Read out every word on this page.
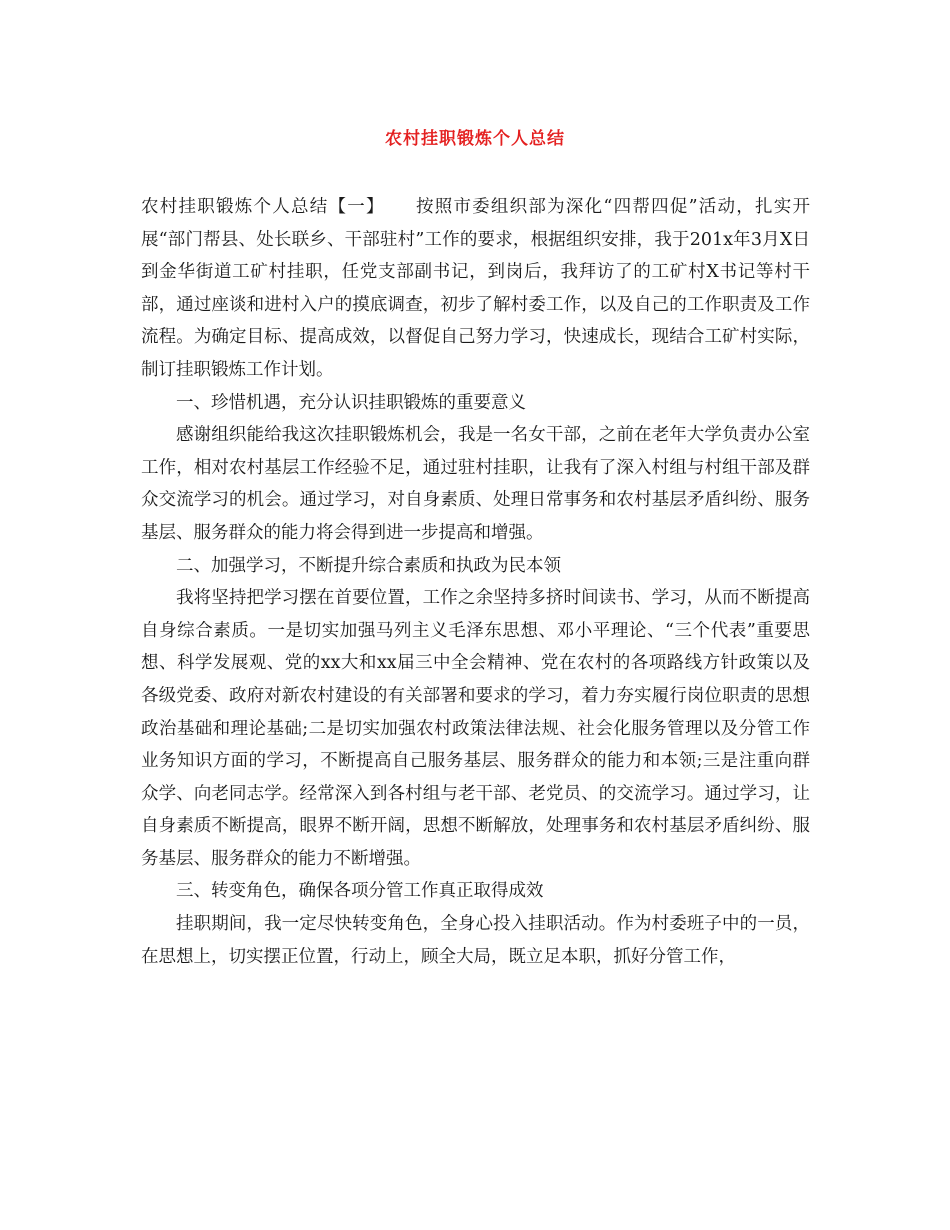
农村挂职锻炼个人总结

农村挂职锻炼个人总结【一】 按照市委组织部为深化“四帮四促”活动，扎实开展“部门帮县、处长联乡、干部驻村”工作的要求，根据组织安排，我于201x年3月X日到金华街道工矿村挂职，任党支部副书记，到岗后，我拜访了的工矿村X书记等村干部，通过座谈和进村入户的摸底调查，初步了解村委工作，以及自己的工作职责及工作流程。为确定目标、提高成效，以督促自己努力学习，快速成长，现结合工矿村实际，制订挂职锻炼工作计划。

一、珍惜机遇，充分认识挂职锻炼的重要意义

感谢组织能给我这次挂职锻炼机会，我是一名女干部，之前在老年大学负责办公室工作，相对农村基层工作经验不足，通过驻村挂职，让我有了深入村组与村组干部及群众交流学习的机会。通过学习，对自身素质、处理日常事务和农村基层矛盾纠纷、服务基层、服务群众的能力将会得到进一步提高和增强。

二、加强学习，不断提升综合素质和执政为民本领

我将坚持把学习摆在首要位置，工作之余坚持多挤时间读书、学习，从而不断提高自身综合素质。一是切实加强马列主义毛泽东思想、邓小平理论、“三个代表”重要思想、科学发展观、党的xx大和xx届三中全会精神、党在农村的各项路线方针政策以及各级党委、政府对新农村建设的有关部署和要求的学习，着力夯实履行岗位职责的思想政治基础和理论基础;二是切实加强农村政策法律法规、社会化服务管理以及分管工作业务知识方面的学习，不断提高自己服务基层、服务群众的能力和本领;三是注重向群众学、向老同志学。经常深入到各村组与老干部、老党员、的交流学习。通过学习，让自身素质不断提高，眼界不断开阔，思想不断解放，处理事务和农村基层矛盾纠纷、服务基层、服务群众的能力不断增强。

三、转变角色，确保各项分管工作真正取得成效

挂职期间，我一定尽快转变角色，全身心投入挂职活动。作为村委班子中的一员，在思想上，切实摆正位置，行动上，顾全大局，既立足本职，抓好分管工作，
